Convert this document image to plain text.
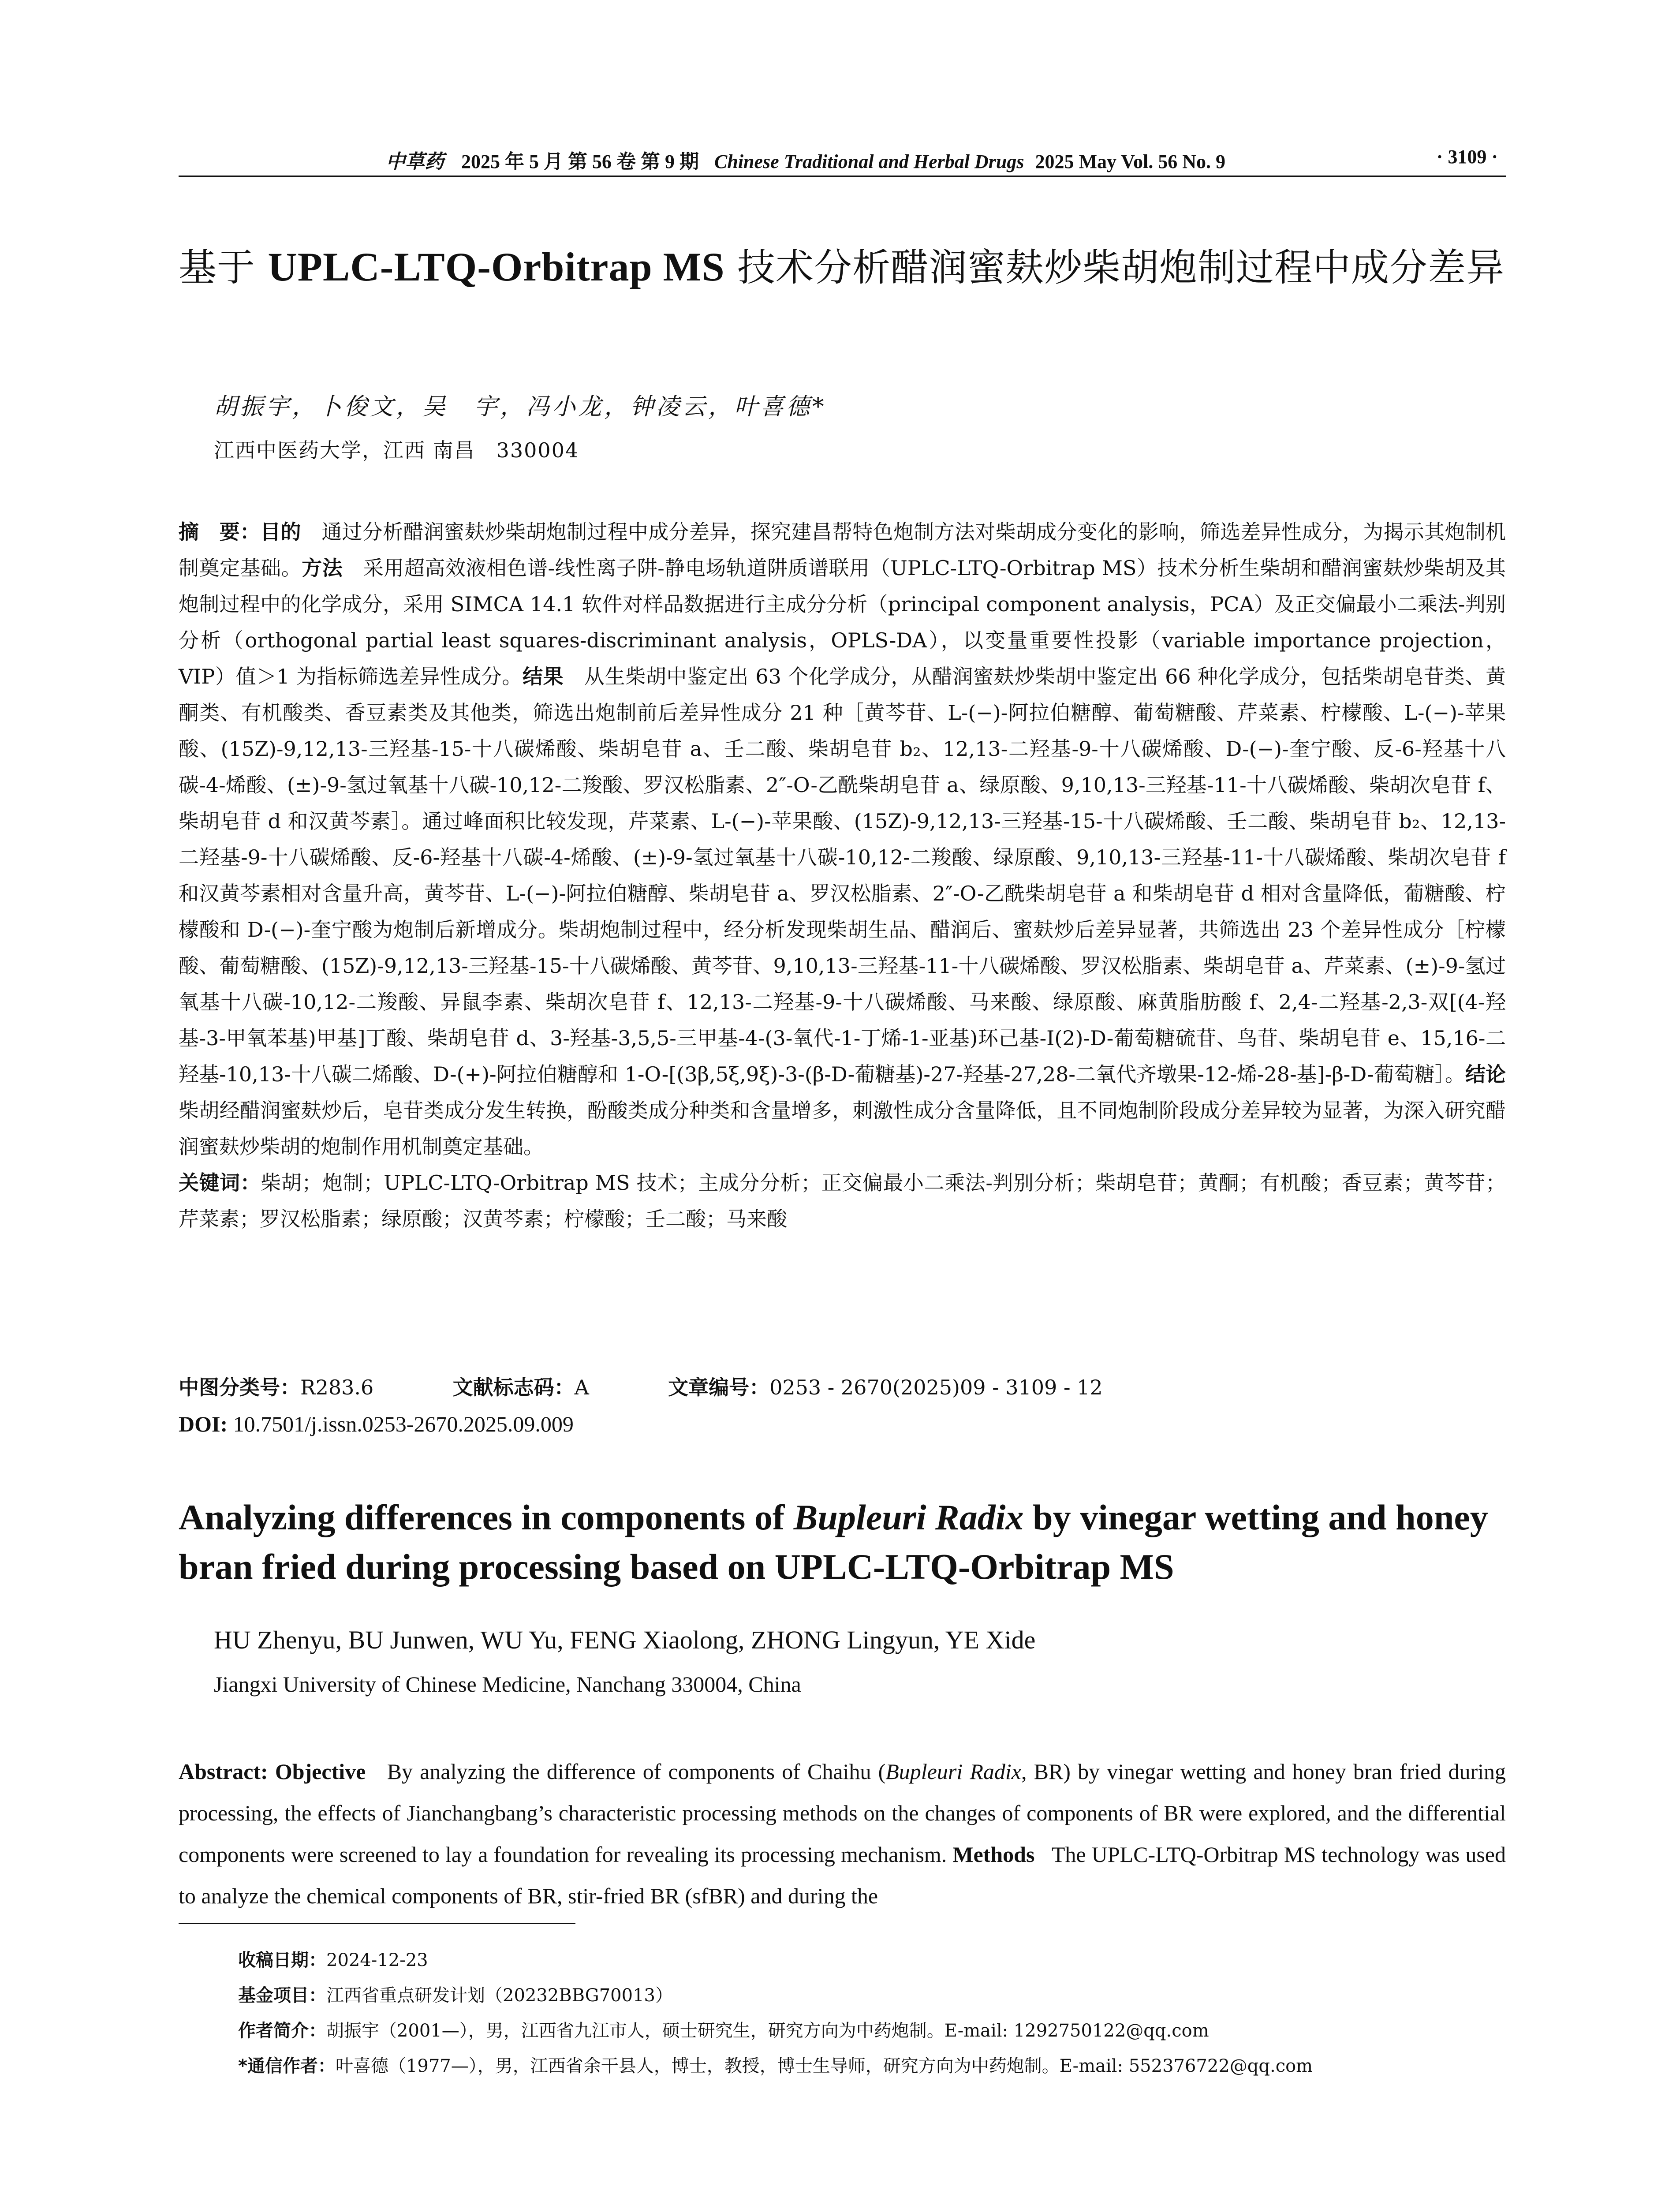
中草药 2025 年 5 月 第 56 卷 第 9 期 Chinese Traditional and Herbal Drugs 2025 May Vol. 56 No. 9	· 3109 ·
基于 UPLC-LTQ-Orbitrap MS 技术分析醋润蜜麸炒柴胡炮制过程中成分差异
胡振宇，卜俊文，吴　宇，冯小龙，钟凌云，叶喜德*
江西中医药大学，江西 南昌　330004
摘　要：目的　 通过分析醋润蜜麸炒柴胡炮制过程中成分差异，探究建昌帮特色炮制方法对柴胡成分变化的影响，筛选差异性成分，为揭示其炮制机制奠定基础。方法　 采用超高效液相色谱-线性离子阱-静电场轨道阱质谱联用（UPLC-LTQ-Orbitrap MS）技术分析生柴胡和醋润蜜麸炒柴胡及其炮制过程中的化学成分，采用 SIMCA 14.1 软件对样品数据进行主成分分析（principal component analysis，PCA）及正交偏最小二乘法-判别分析（orthogonal partial least squares-discriminant analysis，OPLS-DA），以变量重要性投影（variable importance projection，VIP）值＞1 为指标筛选差异性成分。结果　 从生柴胡中鉴定出 63 个化学成分，从醋润蜜麸炒柴胡中鉴定出 66 种化学成分，包括柴胡皂苷类、黄酮类、有机酸类、香豆素类及其他类，筛选出炮制前后差异性成分 21 种［黄芩苷、L-(−)-阿拉伯糖醇、葡萄糖酸、芹菜素、柠檬酸、L-(−)-苹果酸、(15Z)-9,12,13-三羟基-15-十八碳烯酸、柴胡皂苷 a、壬二酸、柴胡皂苷 b₂、12,13-二羟基-9-十八碳烯酸、D-(−)-奎宁酸、反-6-羟基十八碳-4-烯酸、(±)-9-氢过氧基十八碳-10,12-二羧酸、罗汉松脂素、2″-O-乙酰柴胡皂苷 a、绿原酸、9,10,13-三羟基-11-十八碳烯酸、柴胡次皂苷 f、柴胡皂苷 d 和汉黄芩素］。通过峰面积比较发现，芹菜素、L-(−)-苹果酸、(15Z)-9,12,13-三羟基-15-十八碳烯酸、壬二酸、柴胡皂苷 b₂、12,13-二羟基-9-十八碳烯酸、反-6-羟基十八碳-4-烯酸、(±)-9-氢过氧基十八碳-10,12-二羧酸、绿原酸、9,10,13-三羟基-11-十八碳烯酸、柴胡次皂苷 f 和汉黄芩素相对含量升高，黄芩苷、L-(−)-阿拉伯糖醇、柴胡皂苷 a、罗汉松脂素、2″-O-乙酰柴胡皂苷 a 和柴胡皂苷 d 相对含量降低，葡糖酸、柠檬酸和 D-(−)-奎宁酸为炮制后新增成分。柴胡炮制过程中，经分析发现柴胡生品、醋润后、蜜麸炒后差异显著，共筛选出 23 个差异性成分［柠檬酸、葡萄糖酸、(15Z)-9,12,13-三羟基-15-十八碳烯酸、黄芩苷、9,10,13-三羟基-11-十八碳烯酸、罗汉松脂素、柴胡皂苷 a、芹菜素、(±)-9-氢过氧基十八碳-10,12-二羧酸、异鼠李素、柴胡次皂苷 f、12,13-二羟基-9-十八碳烯酸、马来酸、绿原酸、麻黄脂肪酸 f、2,4-二羟基-2,3-双[(4-羟基-3-甲氧苯基)甲基]丁酸、柴胡皂苷 d、3-羟基-3,5,5-三甲基-4-(3-氧代-1-丁烯-1-亚基)环己基-I(2)-D-葡萄糖硫苷、鸟苷、柴胡皂苷 e、15,16-二羟基-10,13-十八碳二烯酸、D-(+)-阿拉伯糖醇和 1-O-[(3β,5ξ,9ξ)-3-(β-D-葡糖基)-27-羟基-27,28-二氧代齐墩果-12-烯-28-基]-β-D-葡萄糖］。结论　柴胡经醋润蜜麸炒后，皂苷类成分发生转换，酚酸类成分种类和含量增多，刺激性成分含量降低，且不同炮制阶段成分差异较为显著，为深入研究醋润蜜麸炒柴胡的炮制作用机制奠定基础。
关键词：柴胡；炮制；UPLC-LTQ-Orbitrap MS 技术；主成分分析；正交偏最小二乘法-判别分析；柴胡皂苷；黄酮；有机酸；香豆素；黄芩苷；芹菜素；罗汉松脂素；绿原酸；汉黄芩素；柠檬酸；壬二酸；马来酸
中图分类号：R283.6	文献标志码：A	文章编号：0253 - 2670(2025)09 - 3109 - 12
DOI: 10.7501/j.issn.0253-2670.2025.09.009
Analyzing differences in components of Bupleuri Radix by vinegar wetting and honey bran fried during processing based on UPLC-LTQ-Orbitrap MS
HU Zhenyu, BU Junwen, WU Yu, FENG Xiaolong, ZHONG Lingyun, YE Xide
Jiangxi University of Chinese Medicine, Nanchang 330004, China
Abstract: Objective By analyzing the difference of components of Chaihu (Bupleuri Radix, BR) by vinegar wetting and honey bran fried during processing, the effects of Jianchangbang’s characteristic processing methods on the changes of components of BR were explored, and the differential components were screened to lay a foundation for revealing its processing mechanism. Methods The UPLC-LTQ-Orbitrap MS technology was used to analyze the chemical components of BR, stir-fried BR (sfBR) and during the
收稿日期：2024-12-23
基金项目：江西省重点研发计划（20232BBG70013）
作者简介：胡振宇（2001—），男，江西省九江市人，硕士研究生，研究方向为中药炮制。E-mail: 1292750122@qq.com
*通信作者：叶喜德（1977—），男，江西省余干县人，博士，教授，博士生导师，研究方向为中药炮制。E-mail: 552376722@qq.com
